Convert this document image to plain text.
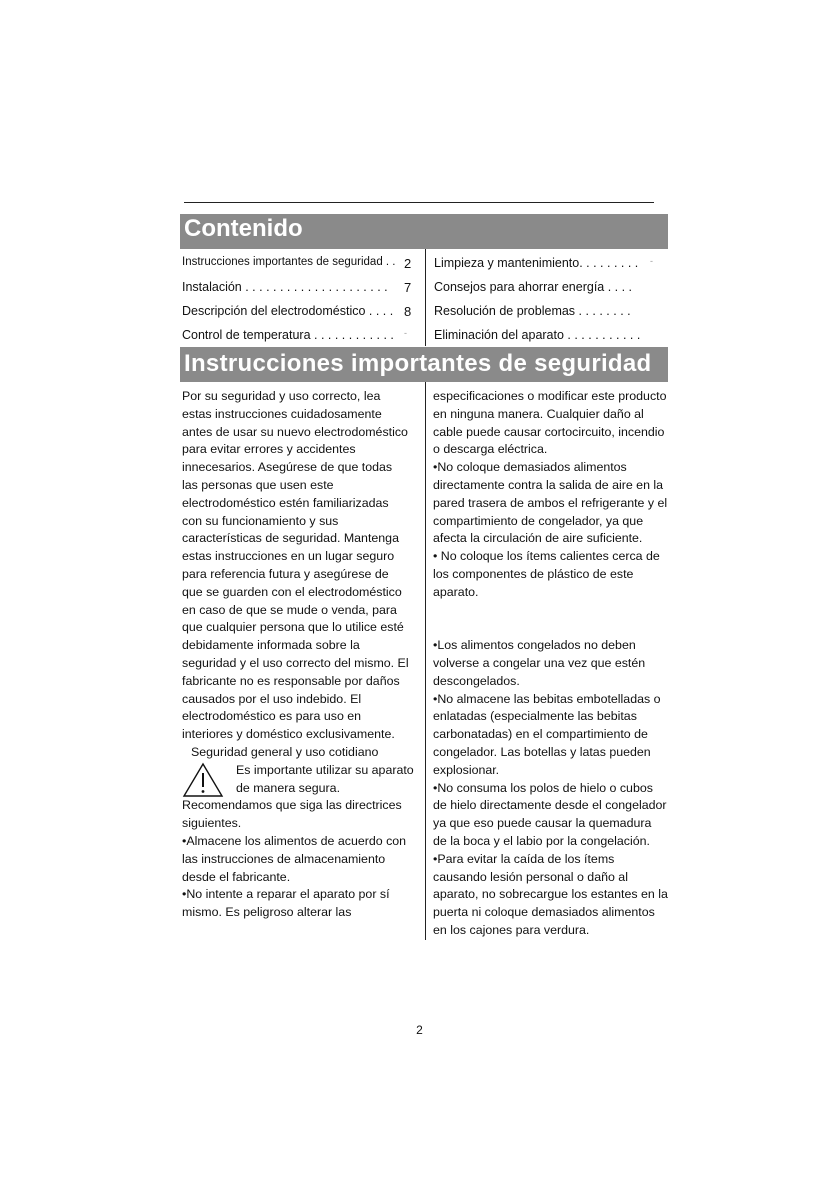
Contenido
Instrucciones importantes de seguridad . . 2
Instalación . . . . . . . . . . . . . . . . . . . . . 7
Descripción del electrodoméstico . . . . 8
Control de temperatura . . . . . . . . . . . . -
Limpieza y mantenimiento. . . . . . . . . -
Consejos para ahorrar energía . . . .
Resolución de problemas . . . . . . . .
Eliminación del aparato . . . . . . . . . . .
Instrucciones importantes de seguridad

Por su seguridad y uso correcto, lea

estas instrucciones cuidadosamente

antes de usar su nuevo electrodoméstico

para evitar errores y accidentes

innecesarios. Asegúrese de que todas

las personas que usen este

electrodoméstico estén familiarizadas

con su funcionamiento y sus

características de seguridad. Mantenga

estas instrucciones en un lugar seguro

para referencia futura y asegúrese de

que se guarden con el electrodoméstico

en caso de que se mude o venda, para

que cualquier persona que lo utilice esté

debidamente informada sobre la

seguridad y el uso correcto del mismo. El

fabricante no es responsable por daños

causados por el uso indebido. El

electrodoméstico es para uso en

interiores y doméstico exclusivamente.

Seguridad general y uso cotidiano

Es importante utilizar su aparato

de manera segura.

Recomendamos que siga las directrices

siguientes.

•Almacene los alimentos de acuerdo con

las instrucciones de almacenamiento

desde el fabricante.

•No intente a reparar el aparato por sí

mismo. Es peligroso alterar las

especificaciones o modificar este producto

en ninguna manera. Cualquier daño al

cable puede causar cortocircuito, incendio

o descarga eléctrica.

•No coloque demasiados alimentos

directamente contra la salida de aire en la

pared trasera de ambos el refrigerante y el

compartimiento de congelador, ya que

afecta la circulación de aire suficiente.

• No coloque los ítems calientes cerca de

los componentes de plástico de este

aparato.

•Los alimentos congelados no deben

volverse a congelar una vez que estén

descongelados.

•No almacene las bebitas embotelladas o

enlatadas (especialmente las bebitas

carbonatadas) en el compartimiento de

congelador. Las botellas y latas pueden

explosionar.

•No consuma los polos de hielo o cubos

de hielo directamente desde el congelador

ya que eso puede causar la quemadura

de la boca y el labio por la congelación.

•Para evitar la caída de los ítems

causando lesión personal o daño al

aparato, no sobrecargue los estantes en la

puerta ni coloque demasiados alimentos

en los cajones para verdura.

2
